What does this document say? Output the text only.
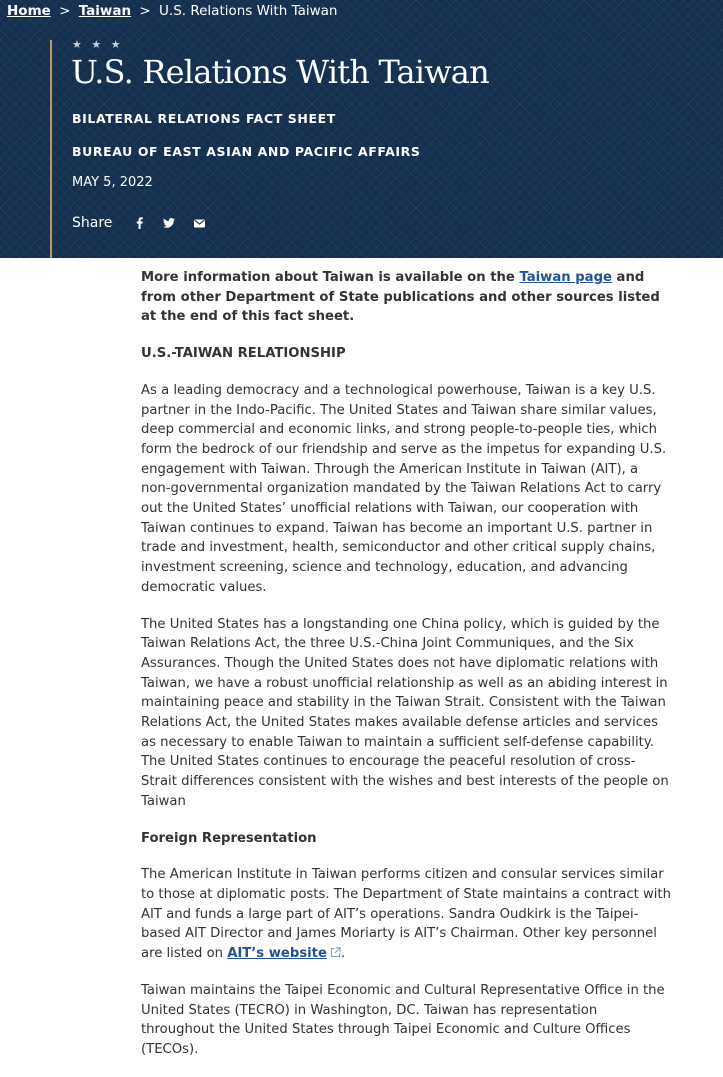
Home > Taiwan > U.S. Relations With Taiwan
★ ★ ★
U.S. Relations With Taiwan
BILATERAL RELATIONS FACT SHEET
BUREAU OF EAST ASIAN AND PACIFIC AFFAIRS
MAY 5, 2022
Share

More information about Taiwan is available on the Taiwan page and from other Department of State publications and other sources listed at the end of this fact sheet.

U.S.-TAIWAN RELATIONSHIP

As a leading democracy and a technological powerhouse, Taiwan is a key U.S. partner in the Indo-Pacific. The United States and Taiwan share similar values, deep commercial and economic links, and strong people-to-people ties, which form the bedrock of our friendship and serve as the impetus for expanding U.S. engagement with Taiwan. Through the American Institute in Taiwan (AIT), a non-governmental organization mandated by the Taiwan Relations Act to carry out the United States’ unofficial relations with Taiwan, our cooperation with Taiwan continues to expand. Taiwan has become an important U.S. partner in trade and investment, health, semiconductor and other critical supply chains, investment screening, science and technology, education, and advancing democratic values.

The United States has a longstanding one China policy, which is guided by the Taiwan Relations Act, the three U.S.-China Joint Communiques, and the Six Assurances. Though the United States does not have diplomatic relations with Taiwan, we have a robust unofficial relationship as well as an abiding interest in maintaining peace and stability in the Taiwan Strait. Consistent with the Taiwan Relations Act, the United States makes available defense articles and services as necessary to enable Taiwan to maintain a sufficient self-defense capability. The United States continues to encourage the peaceful resolution of cross-Strait differences consistent with the wishes and best interests of the people on Taiwan

Foreign Representation

The American Institute in Taiwan performs citizen and consular services similar to those at diplomatic posts. The Department of State maintains a contract with AIT and funds a large part of AIT’s operations. Sandra Oudkirk is the Taipei-based AIT Director and James Moriarty is AIT’s Chairman. Other key personnel are listed on AIT’s website .

Taiwan maintains the Taipei Economic and Cultural Representative Office in the United States (TECRO) in Washington, DC. Taiwan has representation throughout the United States through Taipei Economic and Culture Offices (TECOs).
